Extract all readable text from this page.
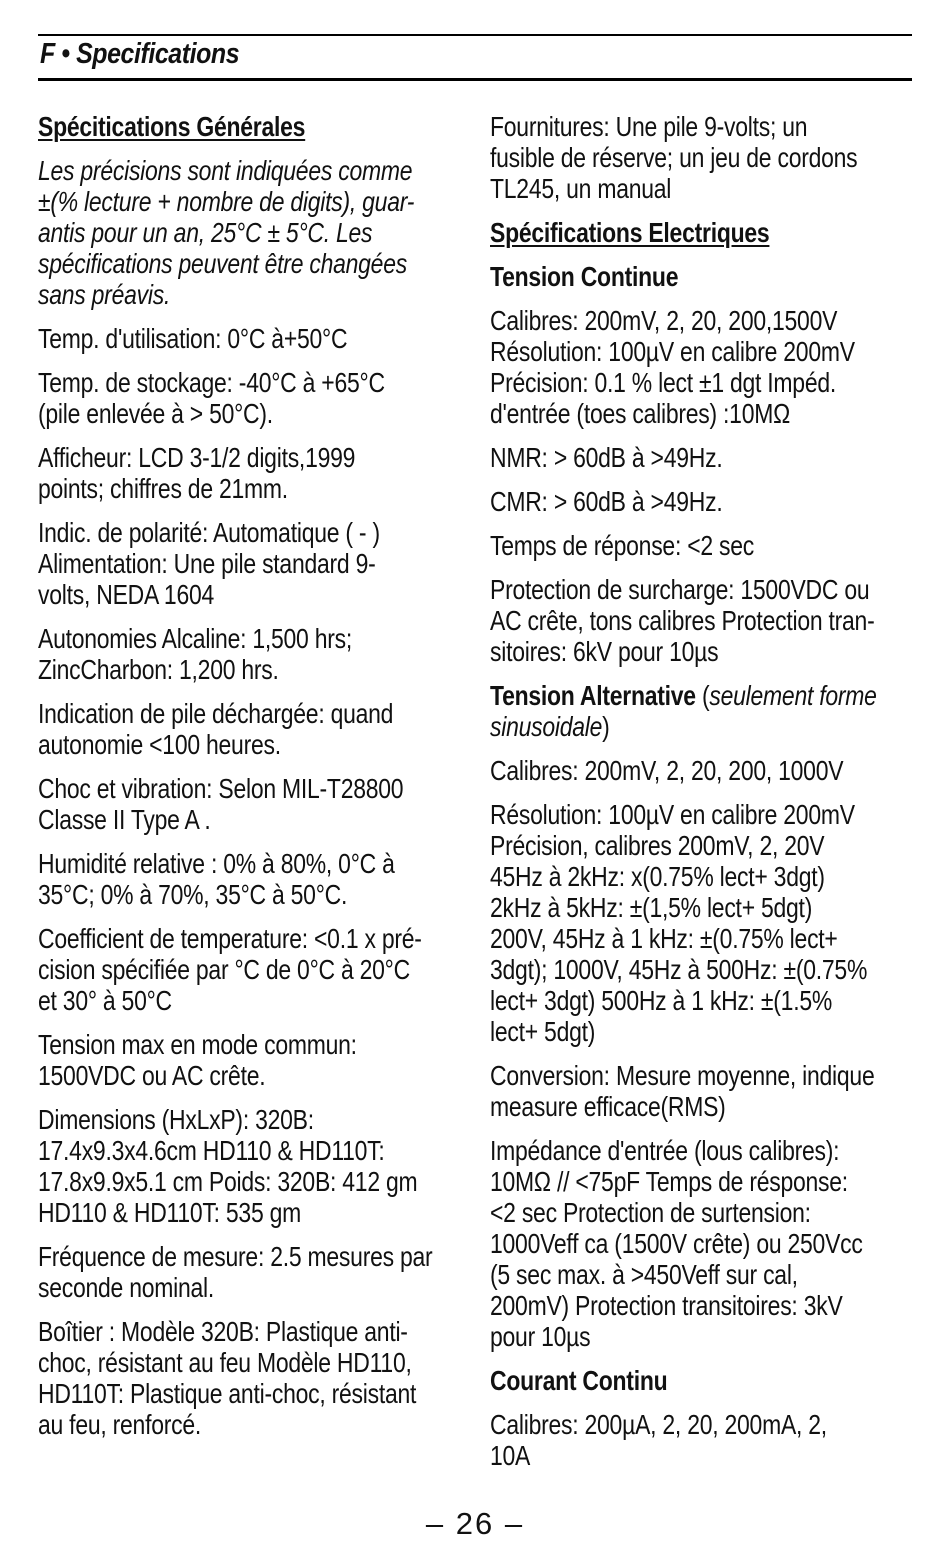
F • Specifications
Spécitications Générales

Les précisions sont indiquées comme
±(% lecture + nombre de digits), guar-
antis pour un an, 25°C ± 5°C. Les
spécifications peuvent être changées
sans préavis.

Temp. d'utilisation: 0°C à+50°C

Temp. de stockage: -40°C à +65°C
(pile enlevée à > 50°C).

Afficheur: LCD 3-1/2 digits,1999
points; chiffres de 21mm.

Indic. de polarité: Automatique ( - )
Alimentation: Une pile standard 9-
volts, NEDA 1604

Autonomies Alcaline: 1,500 hrs;
ZincCharbon: 1,200 hrs.

Indication de pile déchargée: quand
autonomie <100 heures.

Choc et vibration: Selon MIL-T28800
Classe II Type A .

Humidité relative : 0% à 80%, 0°C à
35°C; 0% à 70%, 35°C à 50°C.

Coefficient de temperature: <0.1 x pré-
cision spécifiée par °C de 0°C à 20°C
et 30° à 50°C

Tension max en mode commun:
1500VDC ou AC crête.

Dimensions (HxLxP): 320B:
17.4x9.3x4.6cm HD110 & HD110T:
17.8x9.9x5.1 cm Poids: 320B: 412 gm
HD110 & HD110T: 535 gm

Fréquence de mesure: 2.5 mesures par
seconde nominal.

Boîtier : Modèle 320B: Plastique anti-
choc, résistant au feu Modèle HD110,
HD110T: Plastique anti-choc, résistant
au feu, renforcé.

Fournitures: Une pile 9-volts; un
fusible de réserve; un jeu de cordons
TL245, un manual

Spécifications Electriques
Tension Continue

Calibres: 200mV, 2, 20, 200,1500V
Résolution: 100µV en calibre 200mV
Précision: 0.1 % lect ±1 dgt Impéd.
d'entrée (toes calibres) :10MΩ

NMR: > 60dB à >49Hz.

CMR: > 60dB à >49Hz.

Temps de réponse: <2 sec

Protection de surcharge: 1500VDC ou
AC crête, tons calibres Protection tran-
sitoires: 6kV pour 10µs

Tension Alternative (seulement forme
sinusoidale)

Calibres: 200mV, 2, 20, 200, 1000V

Résolution: 100µV en calibre 200mV
Précision, calibres 200mV, 2, 20V
45Hz à 2kHz: x(0.75% lect+ 3dgt)
2kHz à 5kHz: ±(1,5% lect+ 5dgt)
200V, 45Hz à 1 kHz: ±(0.75% lect+
3dgt); 1000V, 45Hz à 500Hz: ±(0.75%
lect+ 3dgt) 500Hz à 1 kHz: ±(1.5%
lect+ 5dgt)

Conversion: Mesure moyenne, indique
measure efficace(RMS)

Impédance d'entrée (lous calibres):
10MΩ // <75pF Temps de résponse:
<2 sec Protection de surtension:
1000Veff ca (1500V crête) ou 250Vcc
(5 sec max. à >450Veff sur cal,
200mV) Protection transitoires: 3kV
pour 10µs

Courant Continu

Calibres: 200µA, 2, 20, 200mA, 2,
10A

– 26 –
